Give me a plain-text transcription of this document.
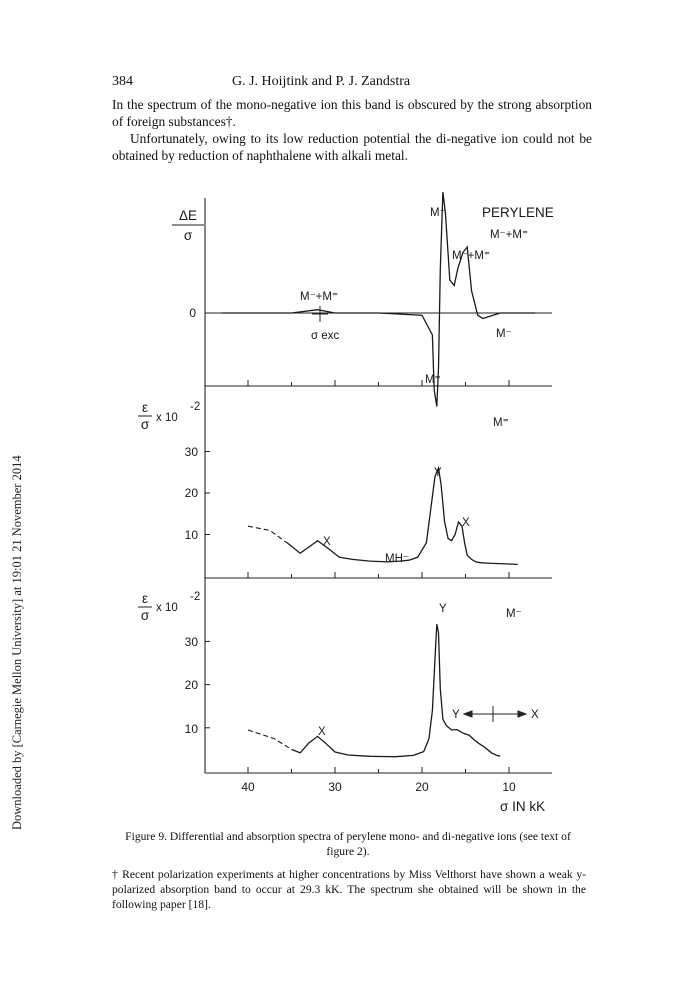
Downloaded by [Carnegie Mellon University] at 19:01 21 November 2014
384	G. J. Hoijtink and P. J. Zandstra
In the spectrum of the mono-negative ion this band is obscured by the strong absorption of foreign substances†.
Unfortunately, owing to its low reduction potential the di-negative ion could not be obtained by reduction of naphthalene with alkali metal.
ΔE
σ
0
M⁻	PERYLENE
M⁻+M⁼
M⁻+M⁼
M⁻+M⁼
σ exc	M⁻
M⁼
ε
σ x 10
-2
30
20
10
M⁼
Y
X
X
MH⁻
ε
σ x 10
-2
30
20
10
M⁻
Y
X
Y	X
40	30	20	10
σ IN kK
Figure 9. Differential and absorption spectra of perylene mono- and di-negative ions (see text of figure 2).
† Recent polarization experiments at higher concentrations by Miss Velthorst have shown a weak y-polarized absorption band to occur at 29.3 kK. The spectrum she obtained will be shown in the following paper [18].
